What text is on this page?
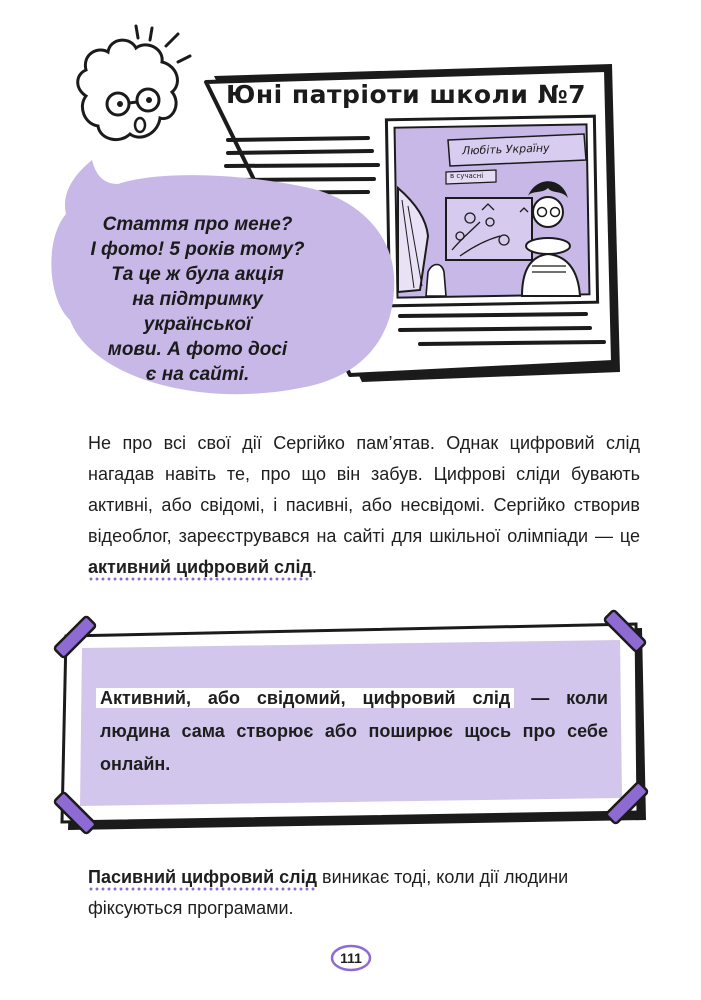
Юні патріоти школи №7
Любіть Україну
в сучасні
Стаття про мене?
І фото! 5 років тому?
Та це ж була акція
на підтримку української
мови. А фото досі
є на сайті.

Не про всі свої дії Сергійко пам’ятав. Однак цифровий слід нагадав навіть те, про що він забув. Цифрові сліди бувають активні, або свідомі, і пасивні, або несвідомі. Сергійко створив відеоблог, зареєструвався на сайті для шкільної олімпіади — це активний цифровий слід.

Активний, або свідомий, цифровий слід — коли людина сама створює або поширює щось про себе онлайн.

Пасивний цифровий слід виникає тоді, коли дії людини фіксуються програмами.

111
